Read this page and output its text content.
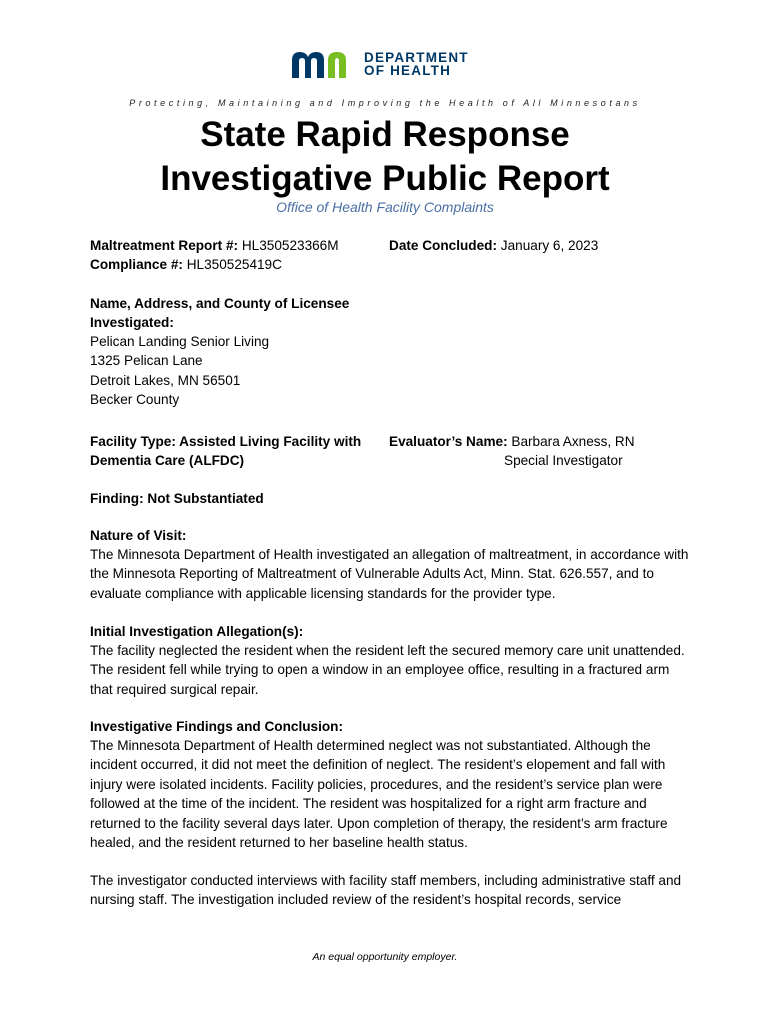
DEPARTMENT
OF HEALTH
Protecting, Maintaining and Improving the Health of All Minnesotans
State Rapid Response
Investigative Public Report
Office of Health Facility Complaints
Maltreatment Report #: HL350523366M
Compliance #: HL350525419C
Date Concluded: January 6, 2023
Name, Address, and County of Licensee
Investigated:
Pelican Landing Senior Living
1325 Pelican Lane
Detroit Lakes, MN 56501
Becker County
Facility Type: Assisted Living Facility with
Dementia Care (ALFDC)
Evaluator’s Name: Barbara Axness, RN
Special Investigator
Finding: Not Substantiated
Nature of Visit:
The Minnesota Department of Health investigated an allegation of maltreatment, in accordance with the Minnesota Reporting of Maltreatment of Vulnerable Adults Act, Minn. Stat. 626.557, and to evaluate compliance with applicable licensing standards for the provider type.
Initial Investigation Allegation(s):
The facility neglected the resident when the resident left the secured memory care unit unattended. The resident fell while trying to open a window in an employee office, resulting in a fractured arm that required surgical repair.
Investigative Findings and Conclusion:
The Minnesota Department of Health determined neglect was not substantiated. Although the incident occurred, it did not meet the definition of neglect. The resident’s elopement and fall with injury were isolated incidents. Facility policies, procedures, and the resident’s service plan were followed at the time of the incident. The resident was hospitalized for a right arm fracture and returned to the facility several days later. Upon completion of therapy, the resident’s arm fracture healed, and the resident returned to her baseline health status.
The investigator conducted interviews with facility staff members, including administrative staff and nursing staff. The investigation included review of the resident’s hospital records, service
An equal opportunity employer.
